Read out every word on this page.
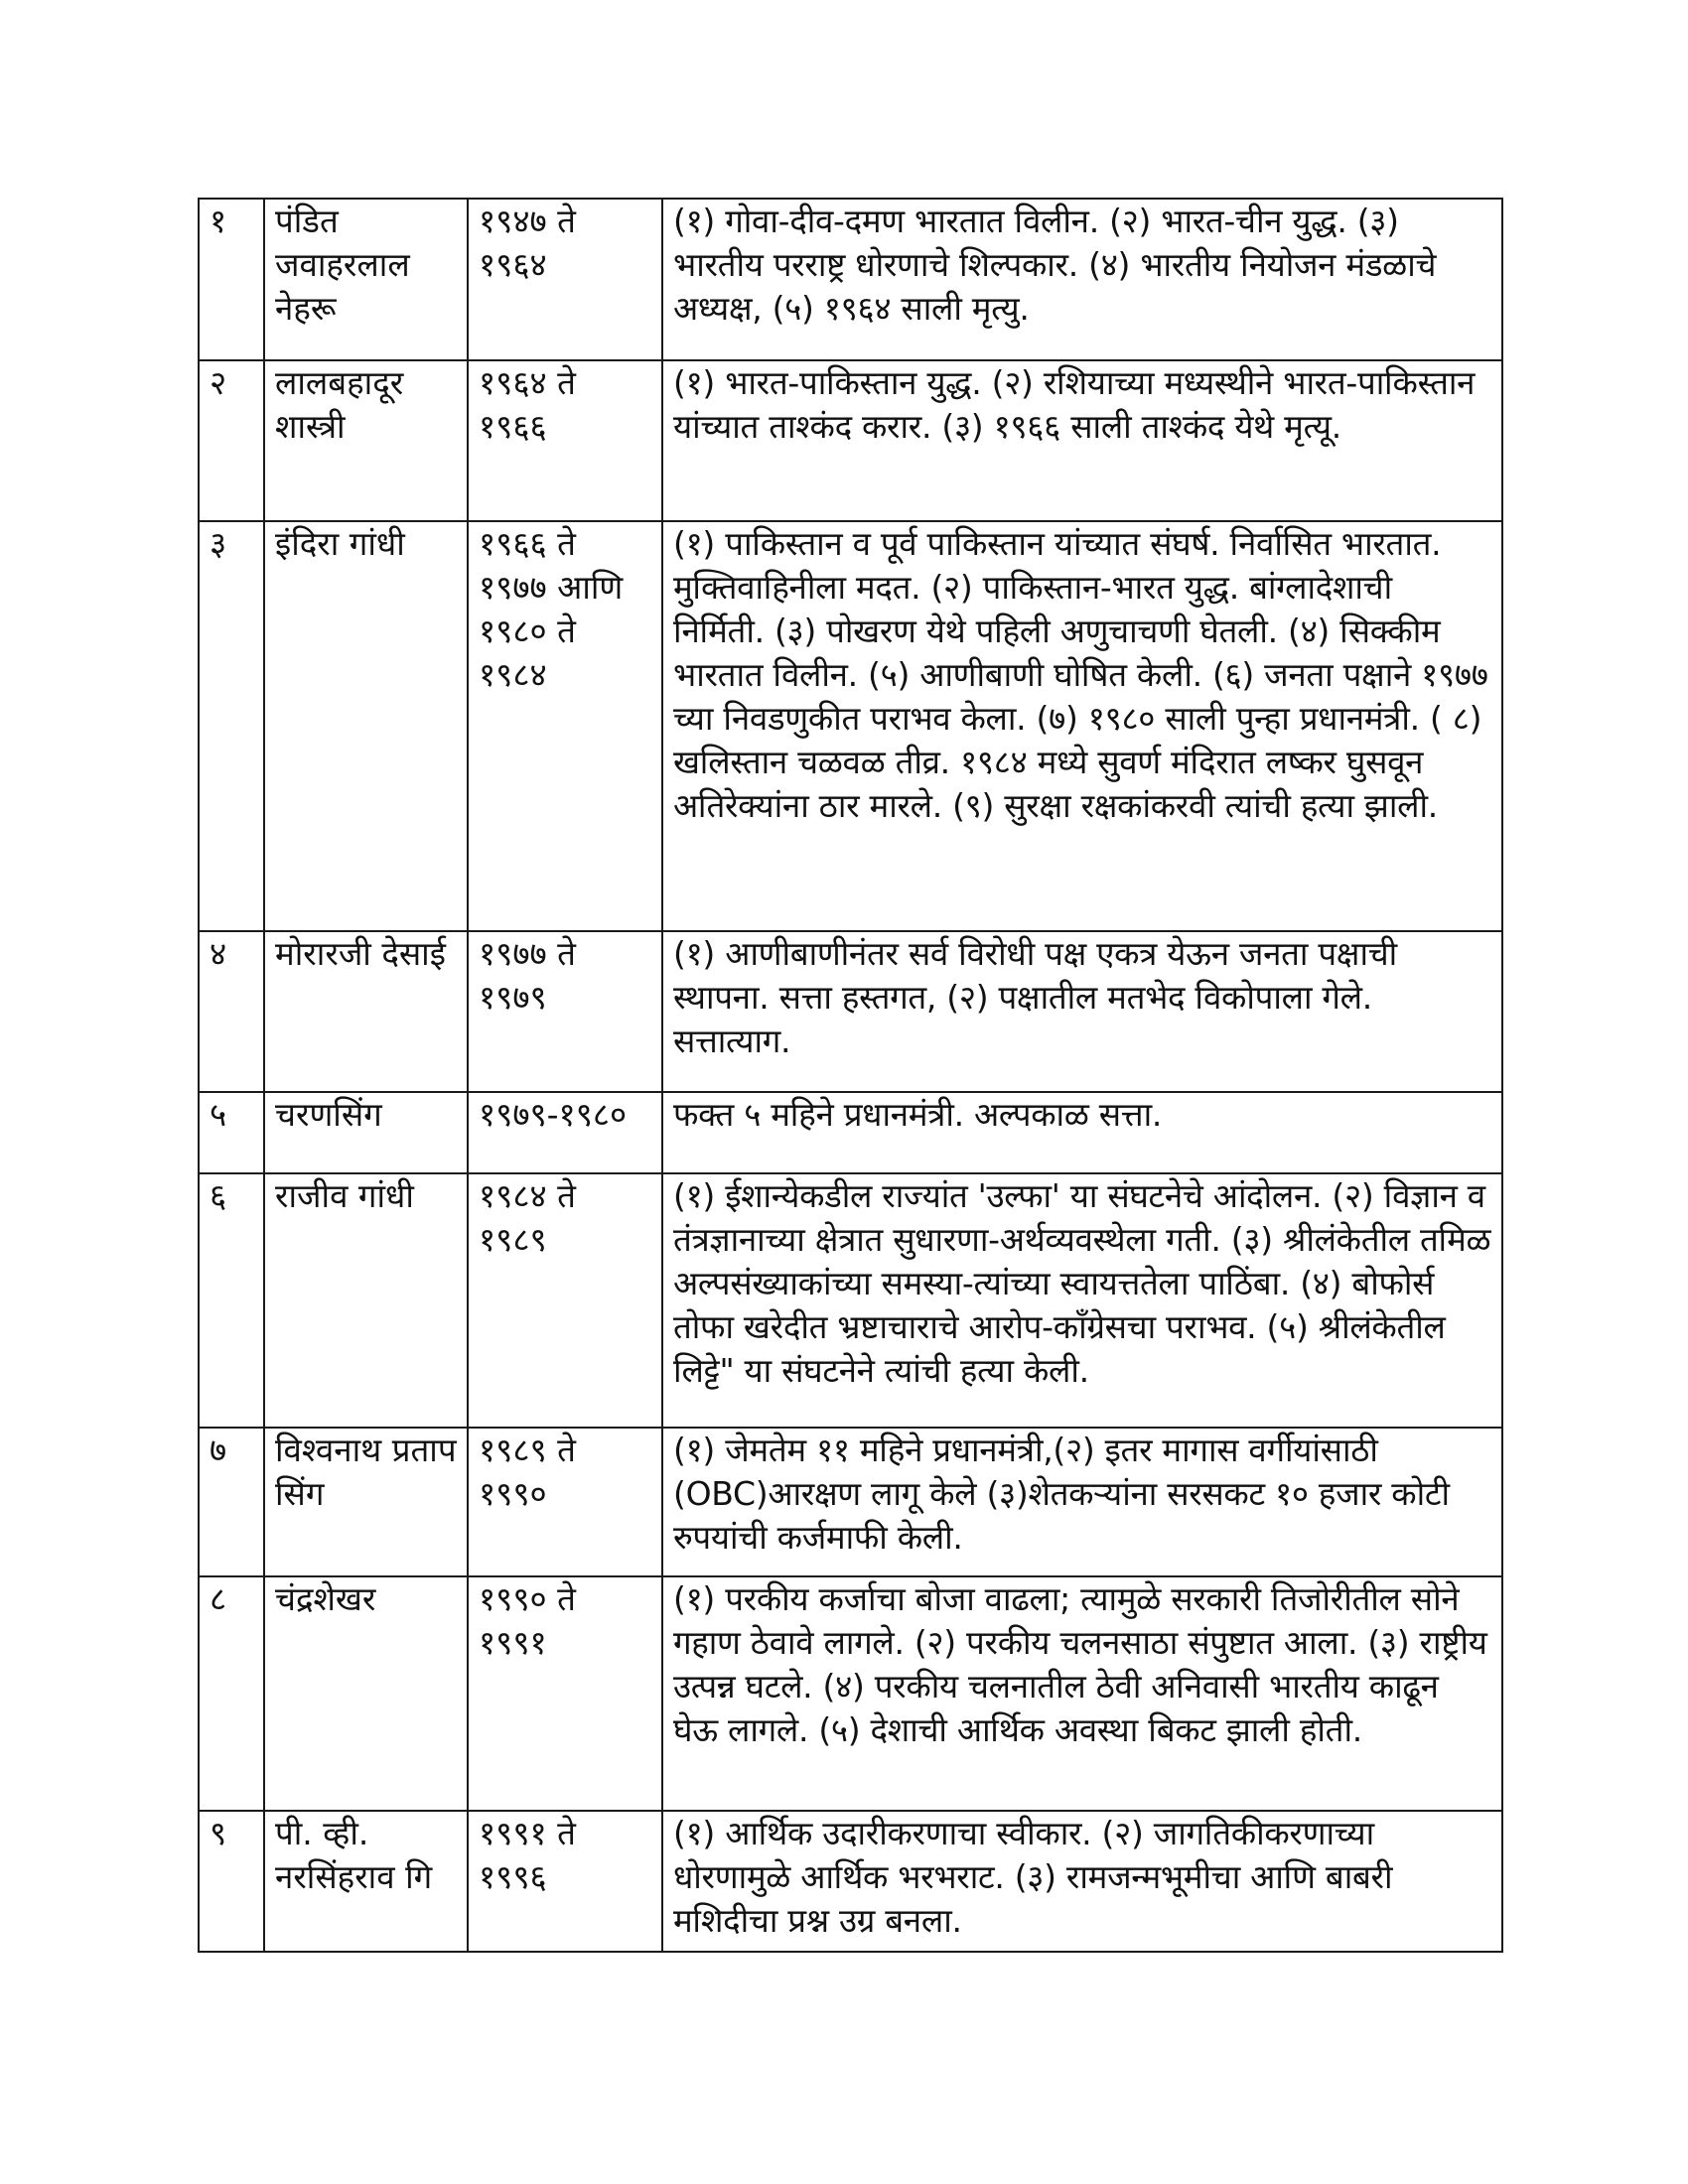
१	पंडित जवाहरलाल नेहरू	१९४७ ते १९६४	(१) गोवा-दीव-दमण भारतात विलीन. (२) भारत-चीन युद्ध. (३) भारतीय परराष्ट्र धोरणाचे शिल्पकार. (४) भारतीय नियोजन मंडळाचे अध्यक्ष, (५) १९६४ साली मृत्यु.
२	लालबहादूर शास्त्री	१९६४ ते १९६६	(१) भारत-पाकिस्तान युद्ध. (२) रशियाच्या मध्यस्थीने भारत-पाकिस्तान यांच्यात ताश्कंद करार. (३) १९६६ साली ताश्कंद येथे मृत्यू.
३	इंदिरा गांधी	१९६६ ते १९७७ आणि १९८० ते १९८४	(१) पाकिस्तान व पूर्व पाकिस्तान यांच्यात संघर्ष. निर्वासित भारतात. मुक्तिवाहिनीला मदत. (२) पाकिस्तान-भारत युद्ध. बांग्लादेशाची निर्मिती. (३) पोखरण येथे पहिली अणुचाचणी घेतली. (४) सिक्कीम भारतात विलीन. (५) आणीबाणी घोषित केली. (६) जनता पक्षाने १९७७ च्या निवडणुकीत पराभव केला. (७) १९८० साली पुन्हा प्रधानमंत्री. ( ८) खलिस्तान चळवळ तीव्र. १९८४ मध्ये सुवर्ण मंदिरात लष्कर घुसवून अतिरेक्यांना ठार मारले. (९) सुरक्षा रक्षकांकरवी त्यांची हत्या झाली.
४	मोरारजी देसाई	१९७७ ते १९७९	(१) आणीबाणीनंतर सर्व विरोधी पक्ष एकत्र येऊन जनता पक्षाची स्थापना. सत्ता हस्तगत, (२) पक्षातील मतभेद विकोपाला गेले. सत्तात्याग.
५	चरणसिंग	१९७९-१९८०	फक्त ५ महिने प्रधानमंत्री. अल्पकाळ सत्ता.
६	राजीव गांधी	१९८४ ते १९८९	(१) ईशान्येकडील राज्यांत 'उल्फा' या संघटनेचे आंदोलन. (२) विज्ञान व तंत्रज्ञानाच्या क्षेत्रात सुधारणा-अर्थव्यवस्थेला गती. (३) श्रीलंकेतील तमिळ अल्पसंख्याकांच्या समस्या-त्यांच्या स्वायत्ततेला पाठिंबा. (४) बोफोर्स तोफा खरेदीत भ्रष्टाचाराचे आरोप-काँग्रेसचा पराभव. (५) श्रीलंकेतील लिट्टे" या संघटनेने त्यांची हत्या केली.
७	विश्वनाथ प्रताप सिंग	१९८९ ते १९९०	(१) जेमतेम ११ महिने प्रधानमंत्री,(२) इतर मागास वर्गीयांसाठी (OBC)आरक्षण लागू केले (३)शेतकऱ्यांना सरसकट १० हजार कोटी रुपयांची कर्जमाफी केली.
८	चंद्रशेखर	१९९० ते १९९१	(१) परकीय कर्जाचा बोजा वाढला; त्यामुळे सरकारी तिजोरीतील सोने गहाण ठेवावे लागले. (२) परकीय चलनसाठा संपुष्टात आला. (३) राष्ट्रीय उत्पन्न घटले. (४) परकीय चलनातील ठेवी अनिवासी भारतीय काढून घेऊ लागले. (५) देशाची आर्थिक अवस्था बिकट झाली होती.
९	पी. व्ही. नरसिंहराव गि	१९९१ ते १९९६	(१) आर्थिक उदारीकरणाचा स्वीकार. (२) जागतिकीकरणाच्या धोरणामुळे आर्थिक भरभराट. (३) रामजन्मभूमीचा आणि बाबरी मशिदीचा प्रश्न उग्र बनला.
